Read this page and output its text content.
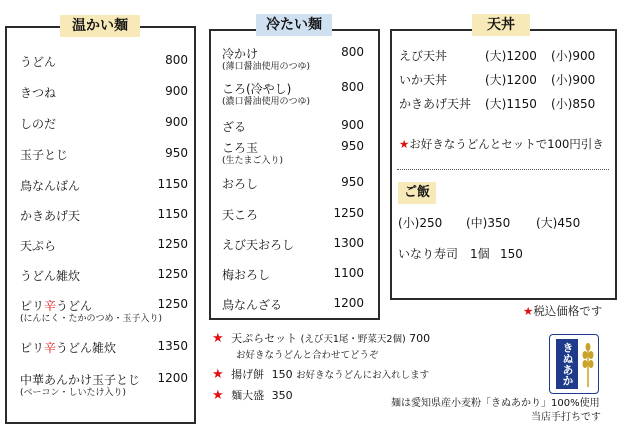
温かい麺
うどん	800
きつね	900
しのだ	900
玉子とじ	950
鳥なんばん	1150
かきあげ天	1150
天ぷら	1250
うどん雑炊	1250
ピリ辛うどん	1250
(にんにく・たかのつめ・玉子入り)
ピリ辛うどん雑炊	1350
中華あんかけ玉子とじ 1200
(ベーコン・しいたけ入り)
冷たい麺
冷かけ	800
(薄口醤油使用のつゆ)
ころ(冷やし)	800
(濃口醤油使用のつゆ)
ざる	900
ころ玉	950
(生たまご入り)
おろし	950
天ころ	1250
えび天おろし	1300
梅おろし	1100
鳥なんざる	1200
天丼
えび天丼	(大)1200 (小)900
いか天丼	(大)1200 (小)900
かきあげ天丼 (大)1150 (小)850
★お好きなうどんとセットで100円引き
ご飯
(小)250 (中)350 (大)450
いなり寿司 1個 150
★税込価格です
★ 天ぷらセット (えび天1尾・野菜天2個) 700
お好きなうどんと合わせてどうぞ
★ 揚げ餅 150 お好きなうどんにお入れします
★ 麺大盛 350
きぬあかり
麺は愛知県産小麦粉「きぬあかり」100%使用
当店手打ちです
